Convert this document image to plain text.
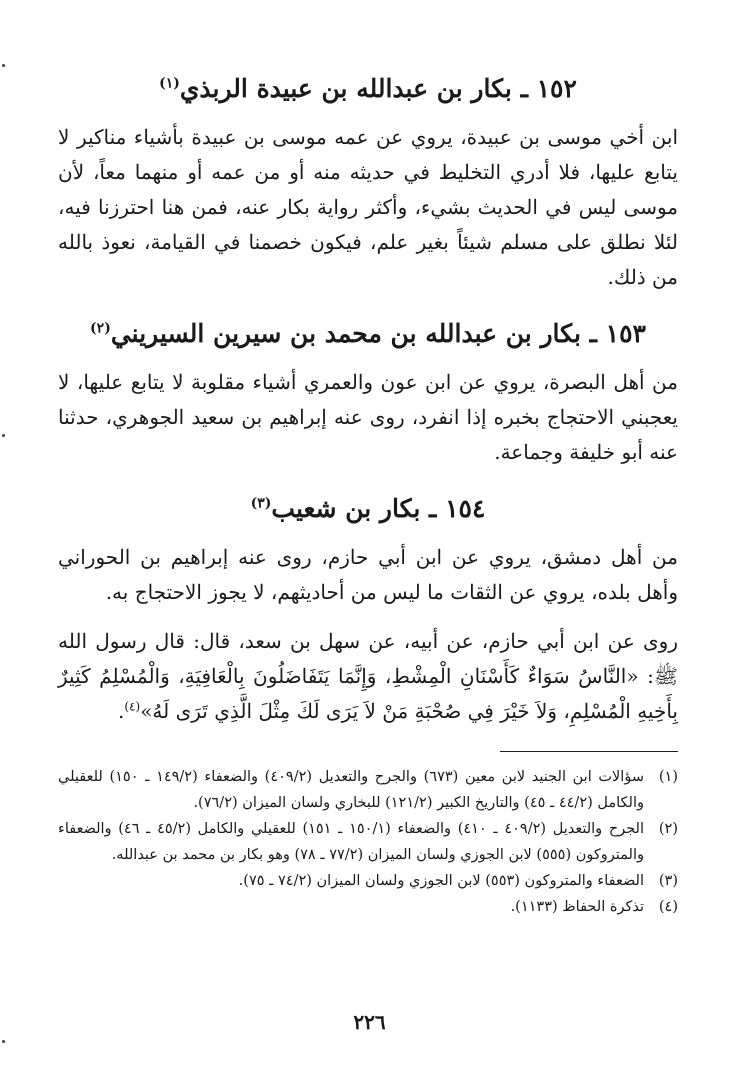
١٥٢ ـ بكار بن عبدالله بن عبيدة الربذي$^{(١)}$

ابن أخي موسى بن عبيدة، يروي عن عمه موسى بن عبيدة بأشياء مناكير لا يتابع عليها، فلا أدري التخليط في حديثه منه أو من عمه أو منهما معاً، لأن موسى ليس في الحديث بشيء، وأكثر رواية بكار عنه، فمن هنا احترزنا فيه، لئلا نطلق على مسلم شيئاً بغير علم، فيكون خصمنا في القيامة، نعوذ بالله من ذلك.

١٥٣ ـ بكار بن عبدالله بن محمد بن سيرين السيريني$^{(٢)}$

من أهل البصرة، يروي عن ابن عون والعمري أشياء مقلوبة لا يتابع عليها، لا يعجبني الاحتجاج بخبره إذا انفرد، روى عنه إبراهيم بن سعيد الجوهري، حدثنا عنه أبو خليفة وجماعة.

١٥٤ ـ بكار بن شعيب$^{(٣)}$

من أهل دمشق، يروي عن ابن أبي حازم، روى عنه إبراهيم بن الحوراني وأهل بلده، يروي عن الثقات ما ليس من أحاديثهم، لا يجوز الاحتجاج به.

روى عن ابن أبي حازم، عن أبيه، عن سهل بن سعد، قال: قال رسول الله ﷺ: «النَّاسُ سَوَاءٌ كَأَسْنَانِ الْمِشْطِ، وَإِنَّمَا يَتَفَاضَلُونَ بِالْعَافِيَةِ، وَالْمُسْلِمُ كَثِيرٌ بِأَخِيهِ الْمُسْلِمِ، وَلاَ خَيْرَ فِي صُحْبَةِ مَنْ لاَ يَرَى لَكَ مِثْلَ الَّذِي تَرَى لَهُ»$^{(٤)}$.

(١)
سؤالات ابن الجنيد لابن معين (٦٧٣) والجرح والتعديل (٤٠٩/٢) والضعفاء (١٤٩/٢ ـ ١٥٠) للعقيلي والكامل (٤٤/٢ ـ ٤٥) والتاريخ الكبير (١٢١/٢) للبخاري ولسان الميزان (٧٦/٢).
(٢)
الجرح والتعديل (٤٠٩/٢ ـ ٤١٠) والضعفاء (١٥٠/١ ـ ١٥١) للعقيلي والكامل (٤٥/٢ ـ ٤٦) والضعفاء والمتروكون (٥٥٥) لابن الجوزي ولسان الميزان (٧٧/٢ ـ ٧٨) وهو بكار بن محمد بن عبدالله.
(٣)
الضعفاء والمتروكون (٥٥٣) لابن الجوزي ولسان الميزان (٧٤/٢ ـ ٧٥).
(٤)
تذكرة الحفاظ (١١٣٣).
٢٢٦
